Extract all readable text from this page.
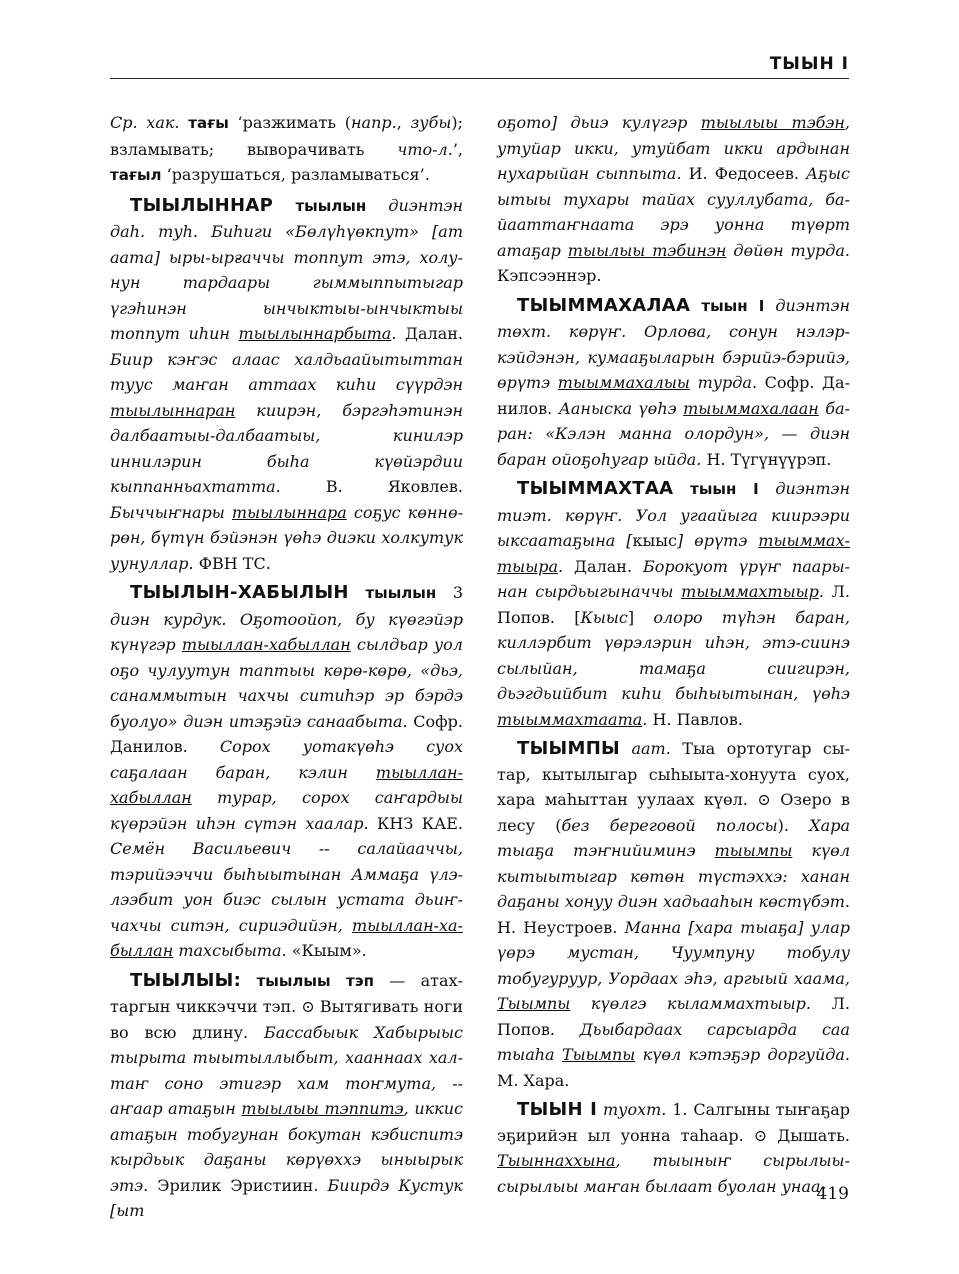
ТЫЫН I

Ср. хак. тағы ‘разжимать (напр., зубы); взламывать; выворачивать что-л.’, тағыл ‘разрушаться, разламываться’.

ТЫЫЛЫННАР тыылын диэнтэн даһ. туһ. Биһиги «Бөлүһүөкпут» [ат аата] ыры-ырғаччы топпут этэ, холунун тардаары гыммыппытыгар үгэһинэн ынчыктыы-ынчыктыы топпут иһин тыылыннарбыта. Далан. Биир кэҥэс алаас халдьаайытыттан туус маҥан аттаах киһи сүүрдэн тыылыннаран киирэн, бэргэһэтинэн далбаатыы-далбаатыы, кинилэр иннилэрин быһа күөйэрдии кыппанньахтатта. В. Яковлев. Быччыҥнары тыылыннара соҕус көннөрөн, бүтүн бэйэнэн үөһэ диэки холкутук уунуллар. ФВН ТС.

ТЫЫЛЫН-ХАБЫЛЫН тыылын 3 диэн курдук. Оҕотоойоп, бу күөгэйэр күнүгэр тыыллан-хабыллан сылдьар уол оҕо чулуутун таптыы көрө-көрө, «дьэ, санаммытын чахчы ситиһэр эр бэрдэ буолуо» диэн итэҕэйэ санаабыта. Софр. Данилов. Сорох уотакүөһэ суох саҕалаан баран, кэлин тыыллан-хабыллан турар, сорох саҥардыы күөрэйэн иһэн сүтэн хаалар. КНЗ КАЕ. Семён Васильевич -- салайааччы, тэрийээччи быһыытынан Аммаҕа үлэлээбит уон биэс сылын устата дьиҥчахчы ситэн, сириэдийэн, тыыллан-хабыллан тахсыбыта. «Кыым».

ТЫЫЛЫЫ: тыылыы тэп — атахтаргын чиккэччи тэп. ⊙ Вытягивать ноги во всю длину. Бассабыык Хабырыыс тырыта тыытыллыбыт, хааннаах халтаҥ соно этигэр хам тоҥмута, -- аҥаар атаҕын тыылыы тэппитэ, иккис атаҕын тобугунан бокутан кэбиспитэ кырдьык даҕаны көрүөххэ ыныырык этэ. Эрилик Эристиин. Биирдэ Кустук [ыт

оҕото] дьиэ кулүгэр тыылыы тэбэн, утуйар икки, утуйбат икки ардынан нухарыйан сыппыта. И. Федосеев. Аҕыс ытыы тухары тайах сууллубата, байааттаҥнаата эрэ уонна түөрт атаҕар тыылыы тэбинэн дөйөн турда. Кэпсээннэр.

ТЫЫММАХАЛАА тыын I диэнтэн төхт. көрүҥ. Орлова, сонун нэлэркэйдэнэн, кумааҕыларын бэрийэ-бэрийэ, өрүтэ тыыммахалыы турда. Софр. Данилов. Ааныска үөһэ тыыммахалаан баран: «Кэлэн манна олордун», — диэн баран ойоҕоһугар ыйда. Н. Түгүнүүрэп.

ТЫЫММАХТАА тыын I диэнтэн тиэт. көрүҥ. Уол угаайыга киирээри ыксаатаҕына [кыыс] өрүтэ тыыммахтыыра. Далан. Борокуот үрүҥ паарынан сырдьыгыначчы тыыммахтыыр. Л. Попов. [Кыыс] олоро түһэн баран, киллэрбит үөрэлэрин иһэн, этэ-сиинэ сылыйан, тамаҕа сиигирэн, дьэгдьийбит киһи быһыытынан, үөһэ тыыммахтаата. Н. Павлов.

ТЫЫМПЫ аат. Тыа ортотугар сытар, кытылыгар сыһыыта-хонуута суох, хара маһыттан уулаах күөл. ⊙ Озеро в лесу (без береговой полосы). Хара тыаҕа тэҥнийиминэ тыымпы күөл кытыытыгар көтөн түстэххэ: ханан даҕаны хонуу диэн хадьааһын көстүбэт. Н. Неустроев. Манна [хара тыаҕа] улар үөрэ мустан, Чуумпуну тобулу тобугуруур, Уордаах эһэ, аргыый хаама, Тыымпы күөлгэ кыламмахтыыр. Л. Попов. Дьыбардаах сарсыарда саа тыаһа Тыымпы күөл кэтэҕэр доргуйда. М. Хара.

ТЫЫН I туохт. 1. Салгыны тыҥаҕар эҕирийэн ыл уонна таһаар. ⊙ Дышать. Тыыннаххына, тыыныҥ сырылыысырылыы маҥан былаат буолан унаа-

419
